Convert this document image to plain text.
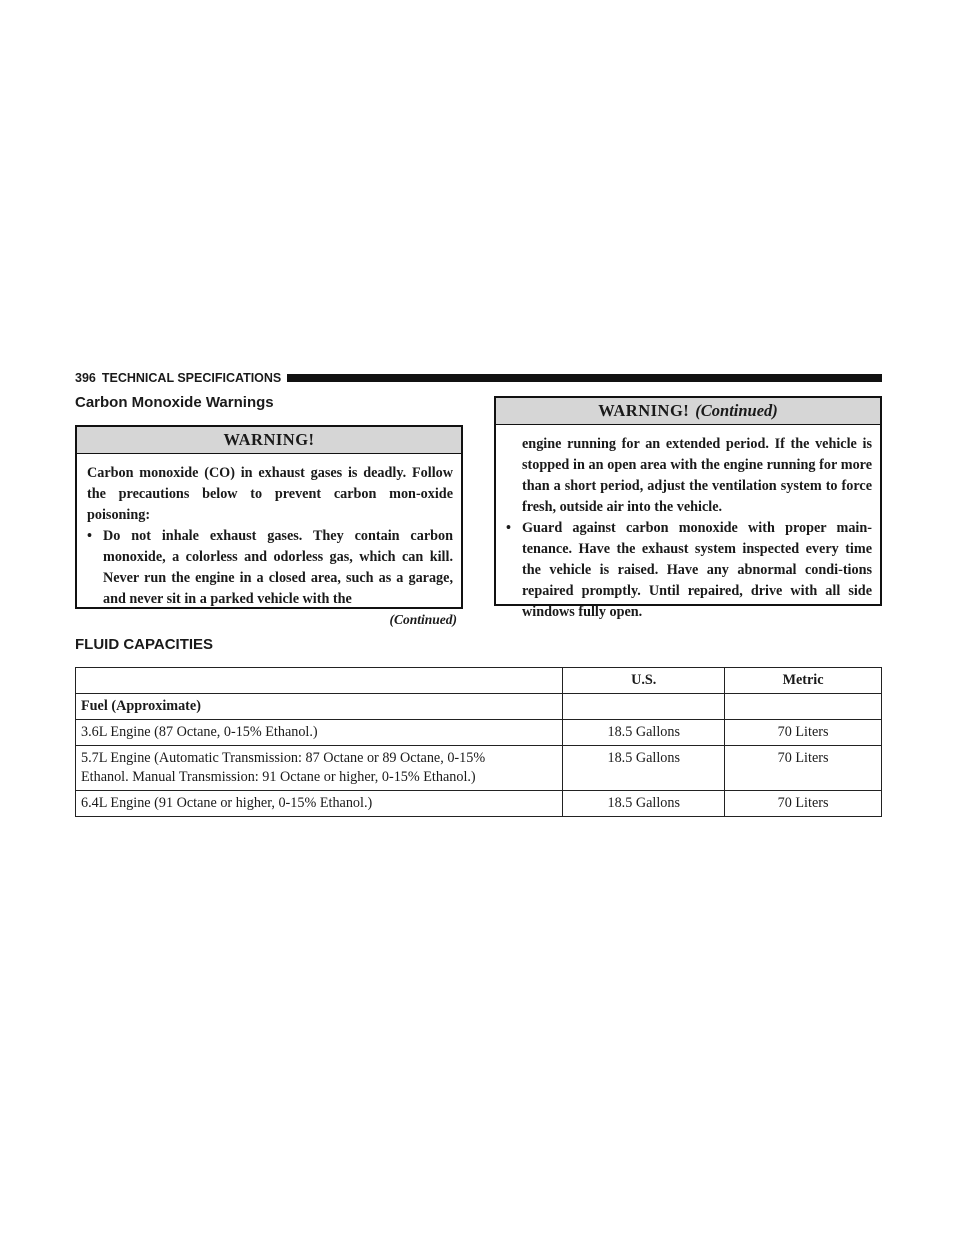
396 TECHNICAL SPECIFICATIONS
Carbon Monoxide Warnings
WARNING!

Carbon monoxide (CO) in exhaust gases is deadly. Follow the precautions below to prevent carbon mon-oxide poisoning:

• Do not inhale exhaust gases. They contain carbon monoxide, a colorless and odorless gas, which can kill. Never run the engine in a closed area, such as a garage, and never sit in a parked vehicle with the
(Continued)
WARNING! (Continued)
engine running for an extended period. If the vehicle is stopped in an open area with the engine running for more than a short period, adjust the ventilation system to force fresh, outside air into the vehicle.
• Guard against carbon monoxide with proper main-tenance. Have the exhaust system inspected every time the vehicle is raised. Have any abnormal condi-tions repaired promptly. Until repaired, drive with all side windows fully open.
FLUID CAPACITIES
	U.S.	Metric
Fuel (Approximate)		
3.6L Engine (87 Octane, 0-15% Ethanol.)	18.5 Gallons	70 Liters

5.7L Engine (Automatic Transmission: 87 Octane or 89 Octane, 0-15%
Ethanol. Manual Transmission: 91 Octane or higher, 0-15% Ethanol.)	18.5 Gallons	70 Liters
6.4L Engine (91 Octane or higher, 0-15% Ethanol.)	18.5 Gallons	70 Liters
